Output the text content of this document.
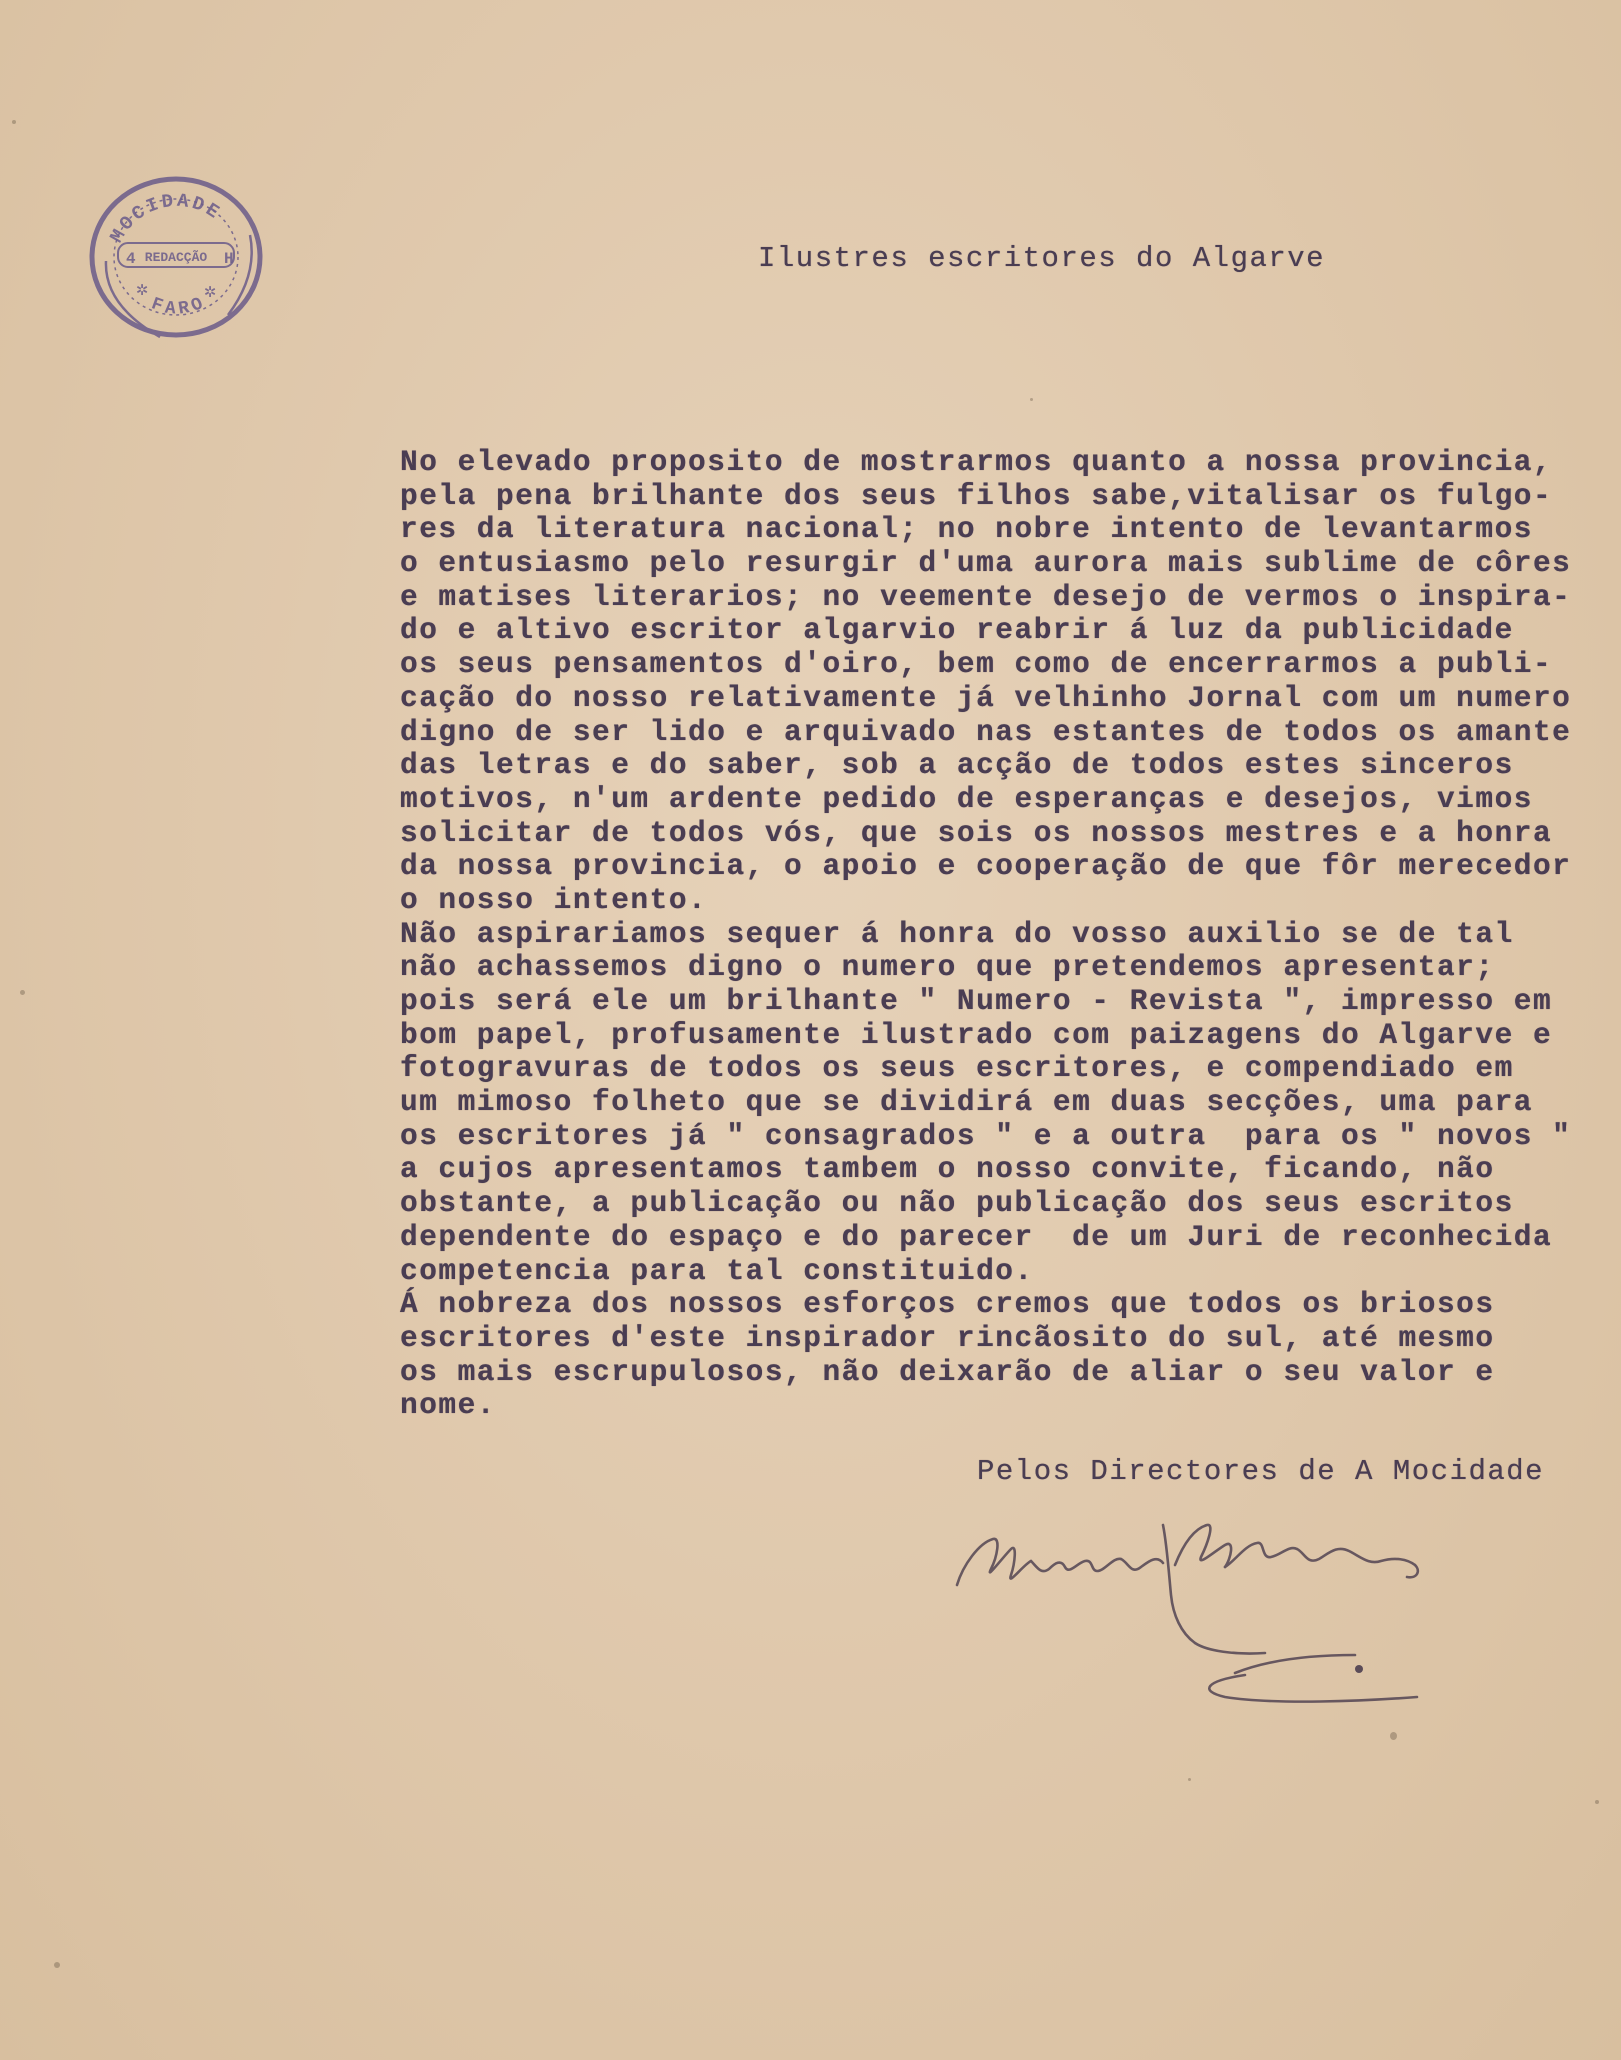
MOCIDADE
REDACÇÃO
FARO
4	H
✲	✲
Ilustres escritores do Algarve
No elevado proposito de mostrarmos quanto a nossa provincia,
pela pena brilhante dos seus filhos sabe,vitalisar os fulgo-
res da literatura nacional; no nobre intento de levantarmos
o entusiasmo pelo resurgir d'uma aurora mais sublime de côres
e matises literarios; no veemente desejo de vermos o inspira-
do e altivo escritor algarvio reabrir á luz da publicidade
os seus pensamentos d'oiro, bem como de encerrarmos a publi-
cação do nosso relativamente já velhinho Jornal com um numero
digno de ser lido e arquivado nas estantes de todos os amante
das letras e do saber, sob a acção de todos estes sinceros
motivos, n'um ardente pedido de esperanças e desejos, vimos
solicitar de todos vós, que sois os nossos mestres e a honra
da nossa provincia, o apoio e cooperação de que fôr merecedor
o nosso intento.
Não aspirariamos sequer á honra do vosso auxilio se de tal
não achassemos digno o numero que pretendemos apresentar;
pois será ele um brilhante " Numero - Revista ", impresso em
bom papel, profusamente ilustrado com paizagens do Algarve e
fotogravuras de todos os seus escritores, e compendiado em
um mimoso folheto que se dividirá em duas secções, uma para
os escritores já " consagrados " e a outra  para os " novos "
a cujos apresentamos tambem o nosso convite, ficando, não
obstante, a publicação ou não publicação dos seus escritos
dependente do espaço e do parecer  de um Juri de reconhecida
competencia para tal constituido.
Á nobreza dos nossos esforços cremos que todos os briosos
escritores d'este inspirador rincãosito do sul, até mesmo
os mais escrupulosos, não deixarão de aliar o seu valor e
nome.
Pelos Directores de A Mocidade
